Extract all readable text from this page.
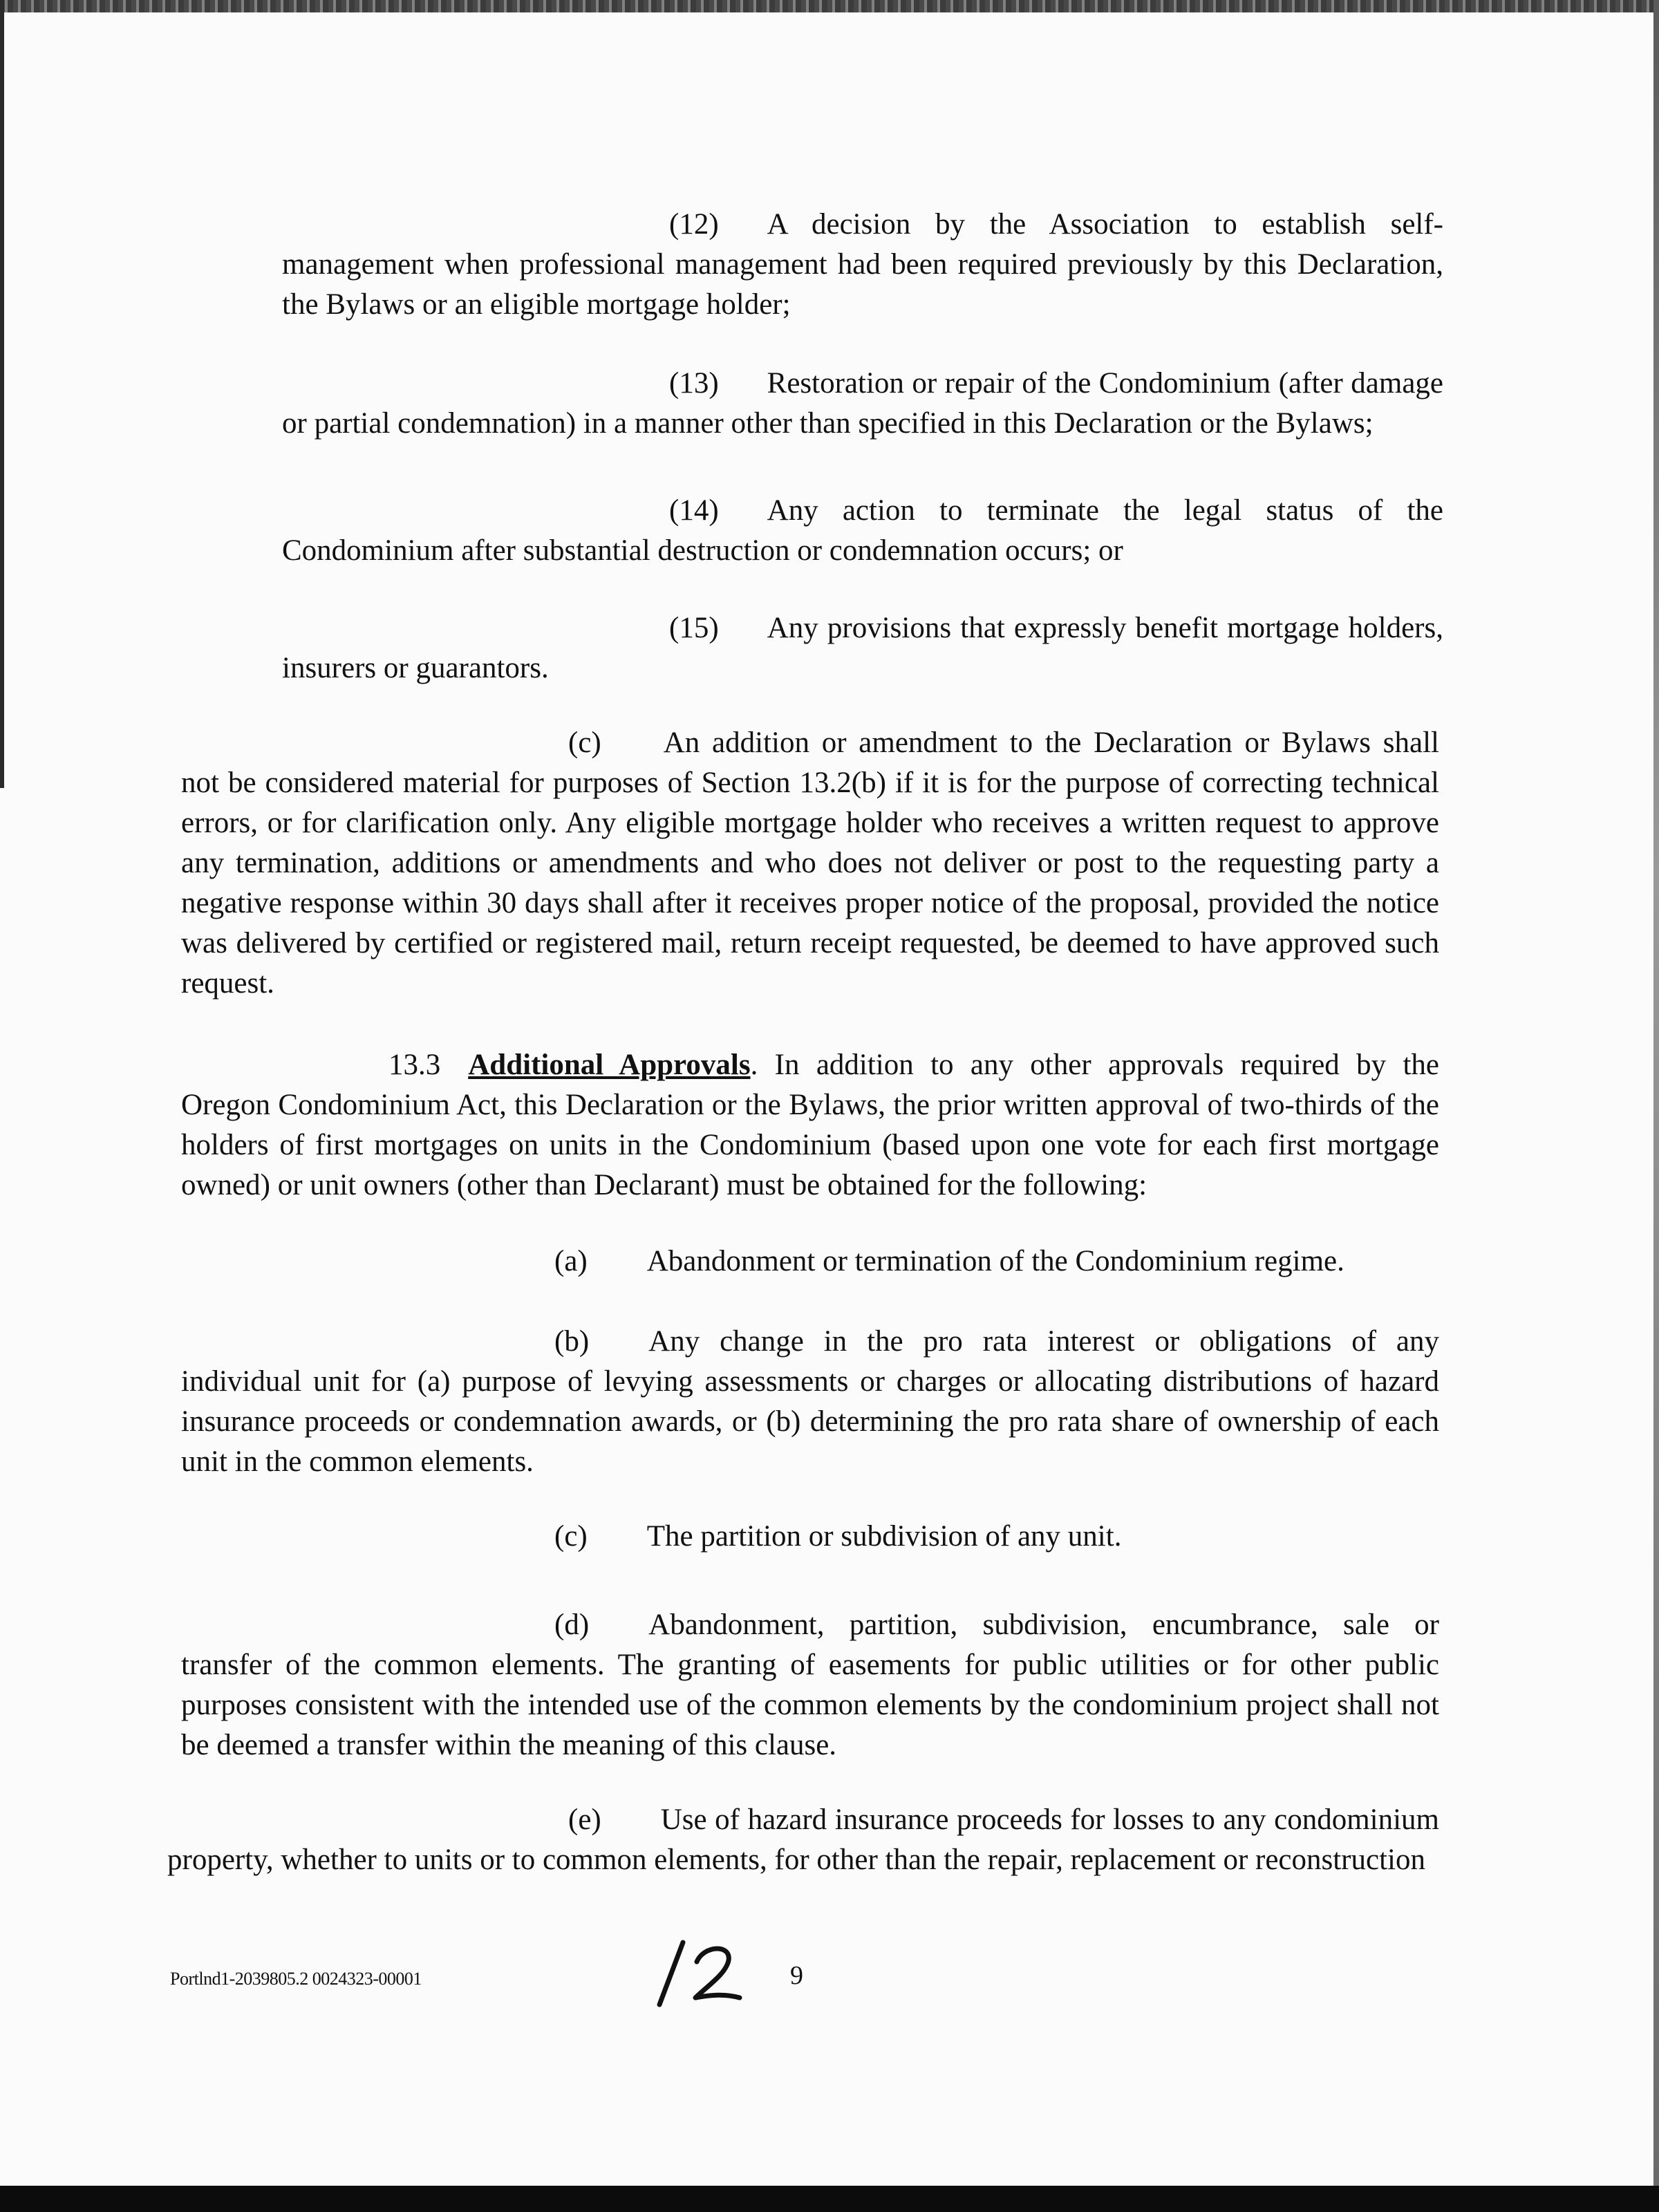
(12) A decision by the Association to establish self-management when professional management had been required previously by this Declaration, the Bylaws or an eligible mortgage holder;

(13) Restoration or repair of the Condominium (after damage or partial condemnation) in a manner other than specified in this Declaration or the Bylaws;

(14) Any action to terminate the legal status of the Condominium after substantial destruction or condemnation occurs; or

(15) Any provisions that expressly benefit mortgage holders, insurers or guarantors.

(c) An addition or amendment to the Declaration or Bylaws shall not be considered material for purposes of Section 13.2(b) if it is for the purpose of correcting technical errors, or for clarification only. Any eligible mortgage holder who receives a written request to approve any termination, additions or amendments and who does not deliver or post to the requesting party a negative response within 30 days shall after it receives proper notice of the proposal, provided the notice was delivered by certified or registered mail, return receipt requested, be deemed to have approved such request.

13.3 Additional Approvals. In addition to any other approvals required by the Oregon Condominium Act, this Declaration or the Bylaws, the prior written approval of two-thirds of the holders of first mortgages on units in the Condominium (based upon one vote for each first mortgage owned) or unit owners (other than Declarant) must be obtained for the following:

(a) Abandonment or termination of the Condominium regime.

(b) Any change in the pro rata interest or obligations of any individual unit for (a) purpose of levying assessments or charges or allocating distributions of hazard insurance proceeds or condemnation awards, or (b) determining the pro rata share of ownership of each unit in the common elements.

(c) The partition or subdivision of any unit.

(d) Abandonment, partition, subdivision, encumbrance, sale or transfer of the common elements. The granting of easements for public utilities or for other public purposes consistent with the intended use of the common elements by the condominium project shall not be deemed a transfer within the meaning of this clause.

(e) Use of hazard insurance proceeds for losses to any condominium property, whether to units or to common elements, for other than the repair, replacement or reconstruction

Portlnd1-2039805.2 0024323-00001	9
